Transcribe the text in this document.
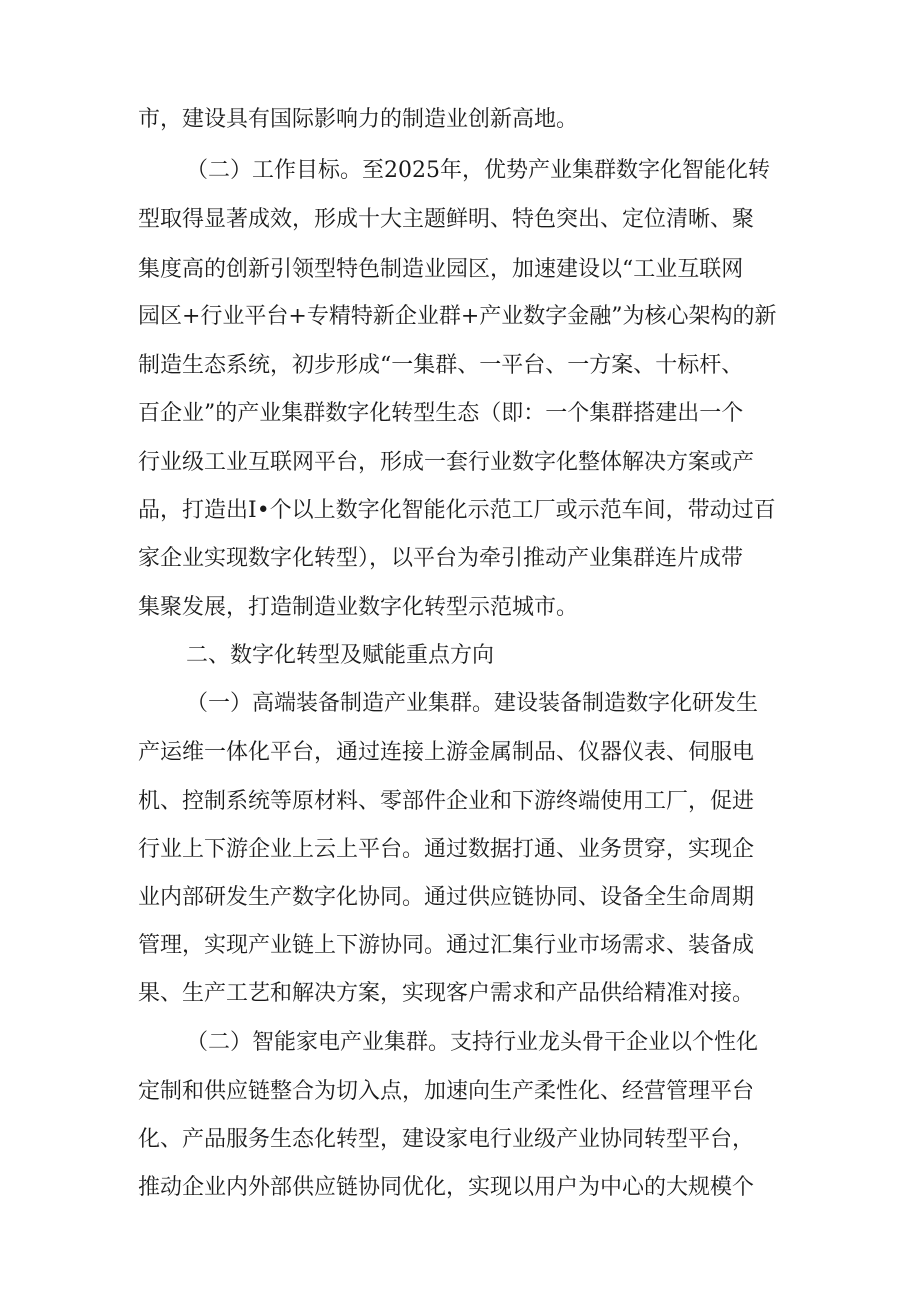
市，建设具有国际影响力的制造业创新高地。
（二）工作目标。至2025年，优势产业集群数字化智能化转
型取得显著成效，形成十大主题鲜明、特色突出、定位清晰、聚
集度高的创新引领型特色制造业园区，加速建设以“工业互联网
园区+行业平台+专精特新企业群+产业数字金融”为核心架构的新
制造生态系统，初步形成“一集群、一平台、一方案、十标杆、
百企业”的产业集群数字化转型生态（即：一个集群搭建出一个
行业级工业互联网平台，形成一套行业数字化整体解决方案或产
品，打造出I•个以上数字化智能化示范工厂或示范车间，带动过百
家企业实现数字化转型），以平台为牵引推动产业集群连片成带
集聚发展，打造制造业数字化转型示范城市。
二、数字化转型及赋能重点方向
（一）高端装备制造产业集群。建设装备制造数字化研发生
产运维一体化平台，通过连接上游金属制品、仪器仪表、伺服电
机、控制系统等原材料、零部件企业和下游终端使用工厂，促进
行业上下游企业上云上平台。通过数据打通、业务贯穿，实现企
业内部研发生产数字化协同。通过供应链协同、设备全生命周期
管理，实现产业链上下游协同。通过汇集行业市场需求、装备成
果、生产工艺和解决方案，实现客户需求和产品供给精准对接。
（二）智能家电产业集群。支持行业龙头骨干企业以个性化
定制和供应链整合为切入点，加速向生产柔性化、经营管理平台
化、产品服务生态化转型，建设家电行业级产业协同转型平台，
推动企业内外部供应链协同优化，实现以用户为中心的大规模个
